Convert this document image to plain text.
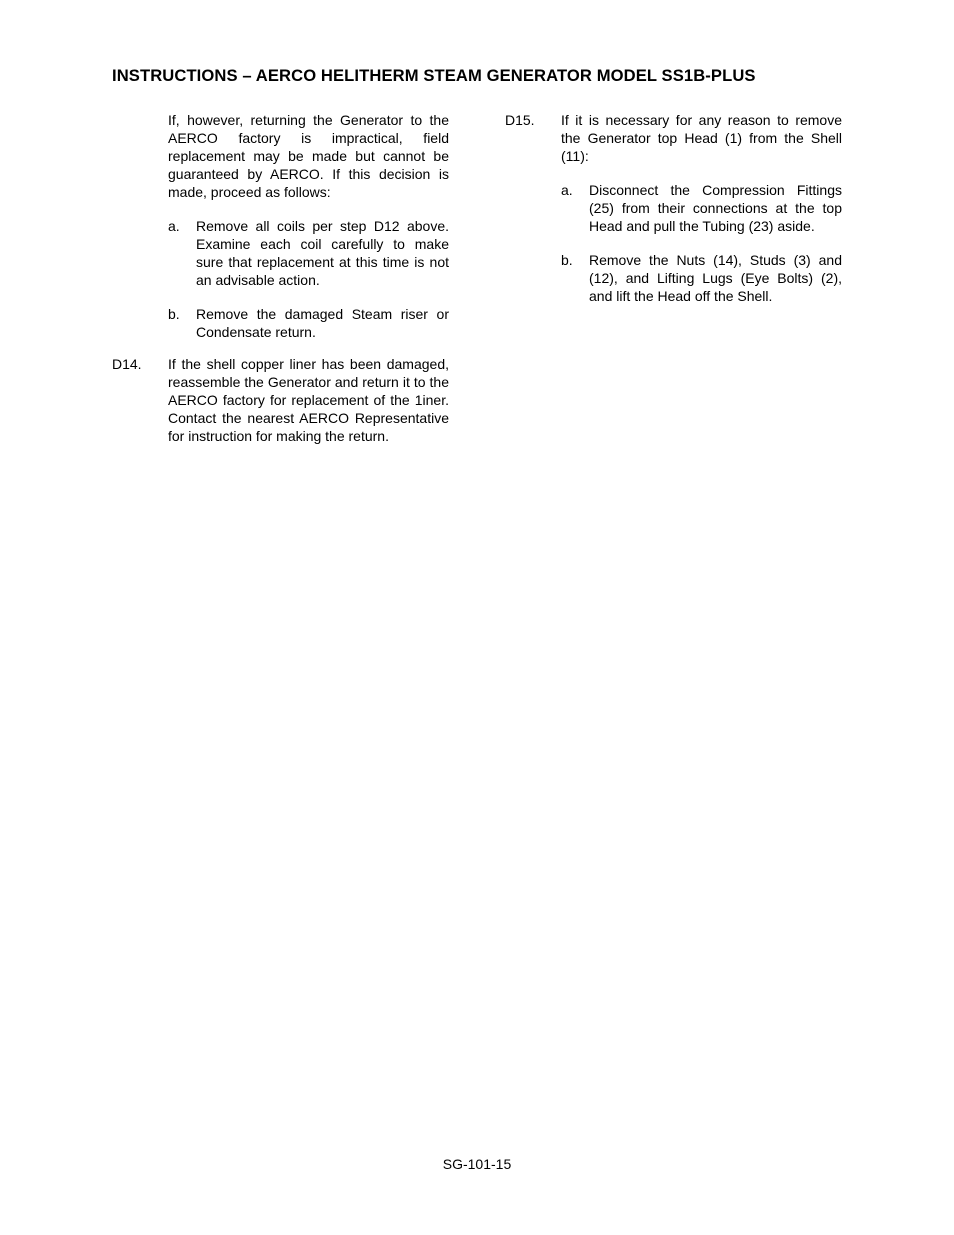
INSTRUCTIONS – AERCO HELITHERM STEAM GENERATOR MODEL SS1B-PLUS

If, however, returning the Generator to the AERCO factory is impractical, field replacement may be made but cannot be guaranteed by AERCO. If this decision is made, proceed as follows:

a. Remove all coils per step D12 above. Examine each coil carefully to make sure that replacement at this time is not an advisable action.

b. Remove the damaged Steam riser or Condensate return.

D14. If the shell copper liner has been damaged, reassemble the Generator and return it to the AERCO factory for replacement of the 1iner. Contact the nearest AERCO Representative for instruction for making the return.

D15. If it is necessary for any reason to remove the Generator top Head (1) from the Shell (11):

a. Disconnect the Compression Fittings (25) from their connections at the top Head and pull the Tubing (23) aside.

b. Remove the Nuts (14), Studs (3) and (12), and Lifting Lugs (Eye Bolts) (2), and lift the Head off the Shell.

SG-101-15
